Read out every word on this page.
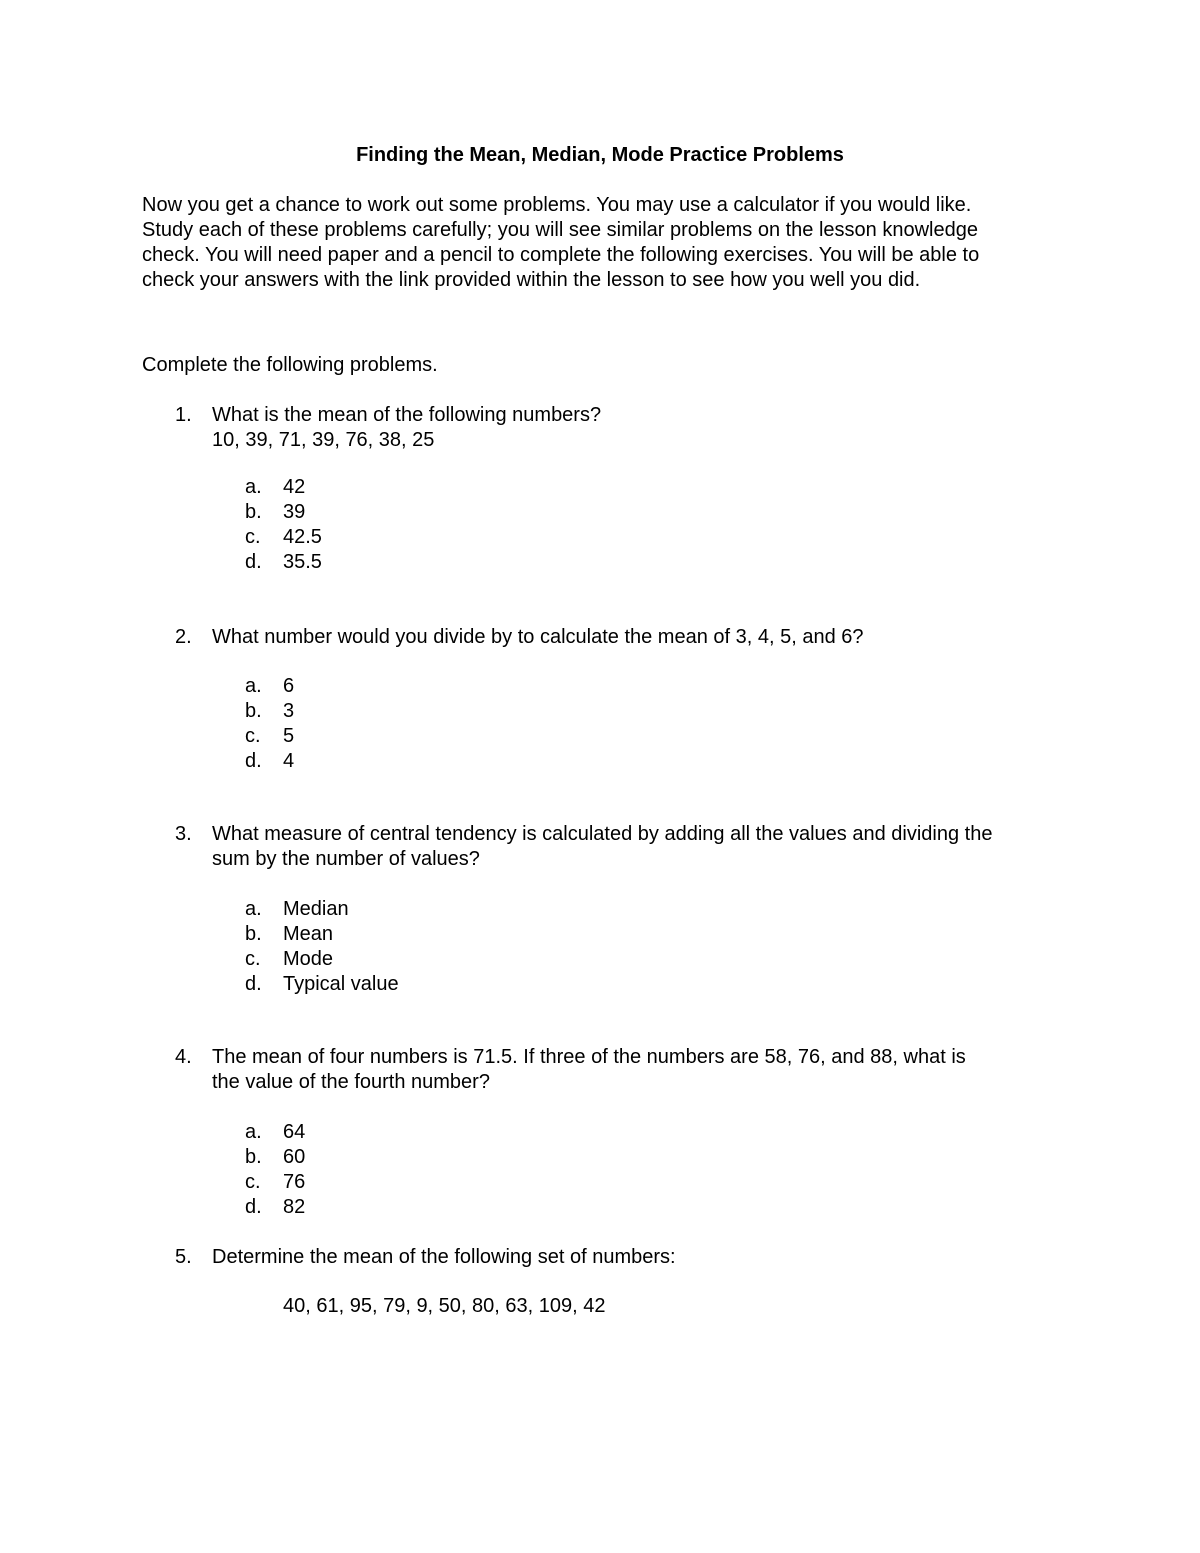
Finding the Mean, Median, Mode Practice Problems
Now you get a chance to work out some problems. You may use a calculator if you would like.
Study each of these problems carefully; you will see similar problems on the lesson knowledge
check. You will need paper and a pencil to complete the following exercises. You will be able to
check your answers with the link provided within the lesson to see how you well you did.
Complete the following problems.
1. What is the mean of the following numbers?
10, 39, 71, 39, 76, 38, 25
a. 42
b. 39
c. 42.5
d. 35.5
2. What number would you divide by to calculate the mean of 3, 4, 5, and 6?
a. 6
b. 3
c. 5
d. 4
3. What measure of central tendency is calculated by adding all the values and dividing the
sum by the number of values?
a. Median
b. Mean
c. Mode
d. Typical value
4. The mean of four numbers is 71.5. If three of the numbers are 58, 76, and 88, what is
the value of the fourth number?
a. 64
b. 60
c. 76
d. 82
5. Determine the mean of the following set of numbers:
40, 61, 95, 79, 9, 50, 80, 63, 109, 42
